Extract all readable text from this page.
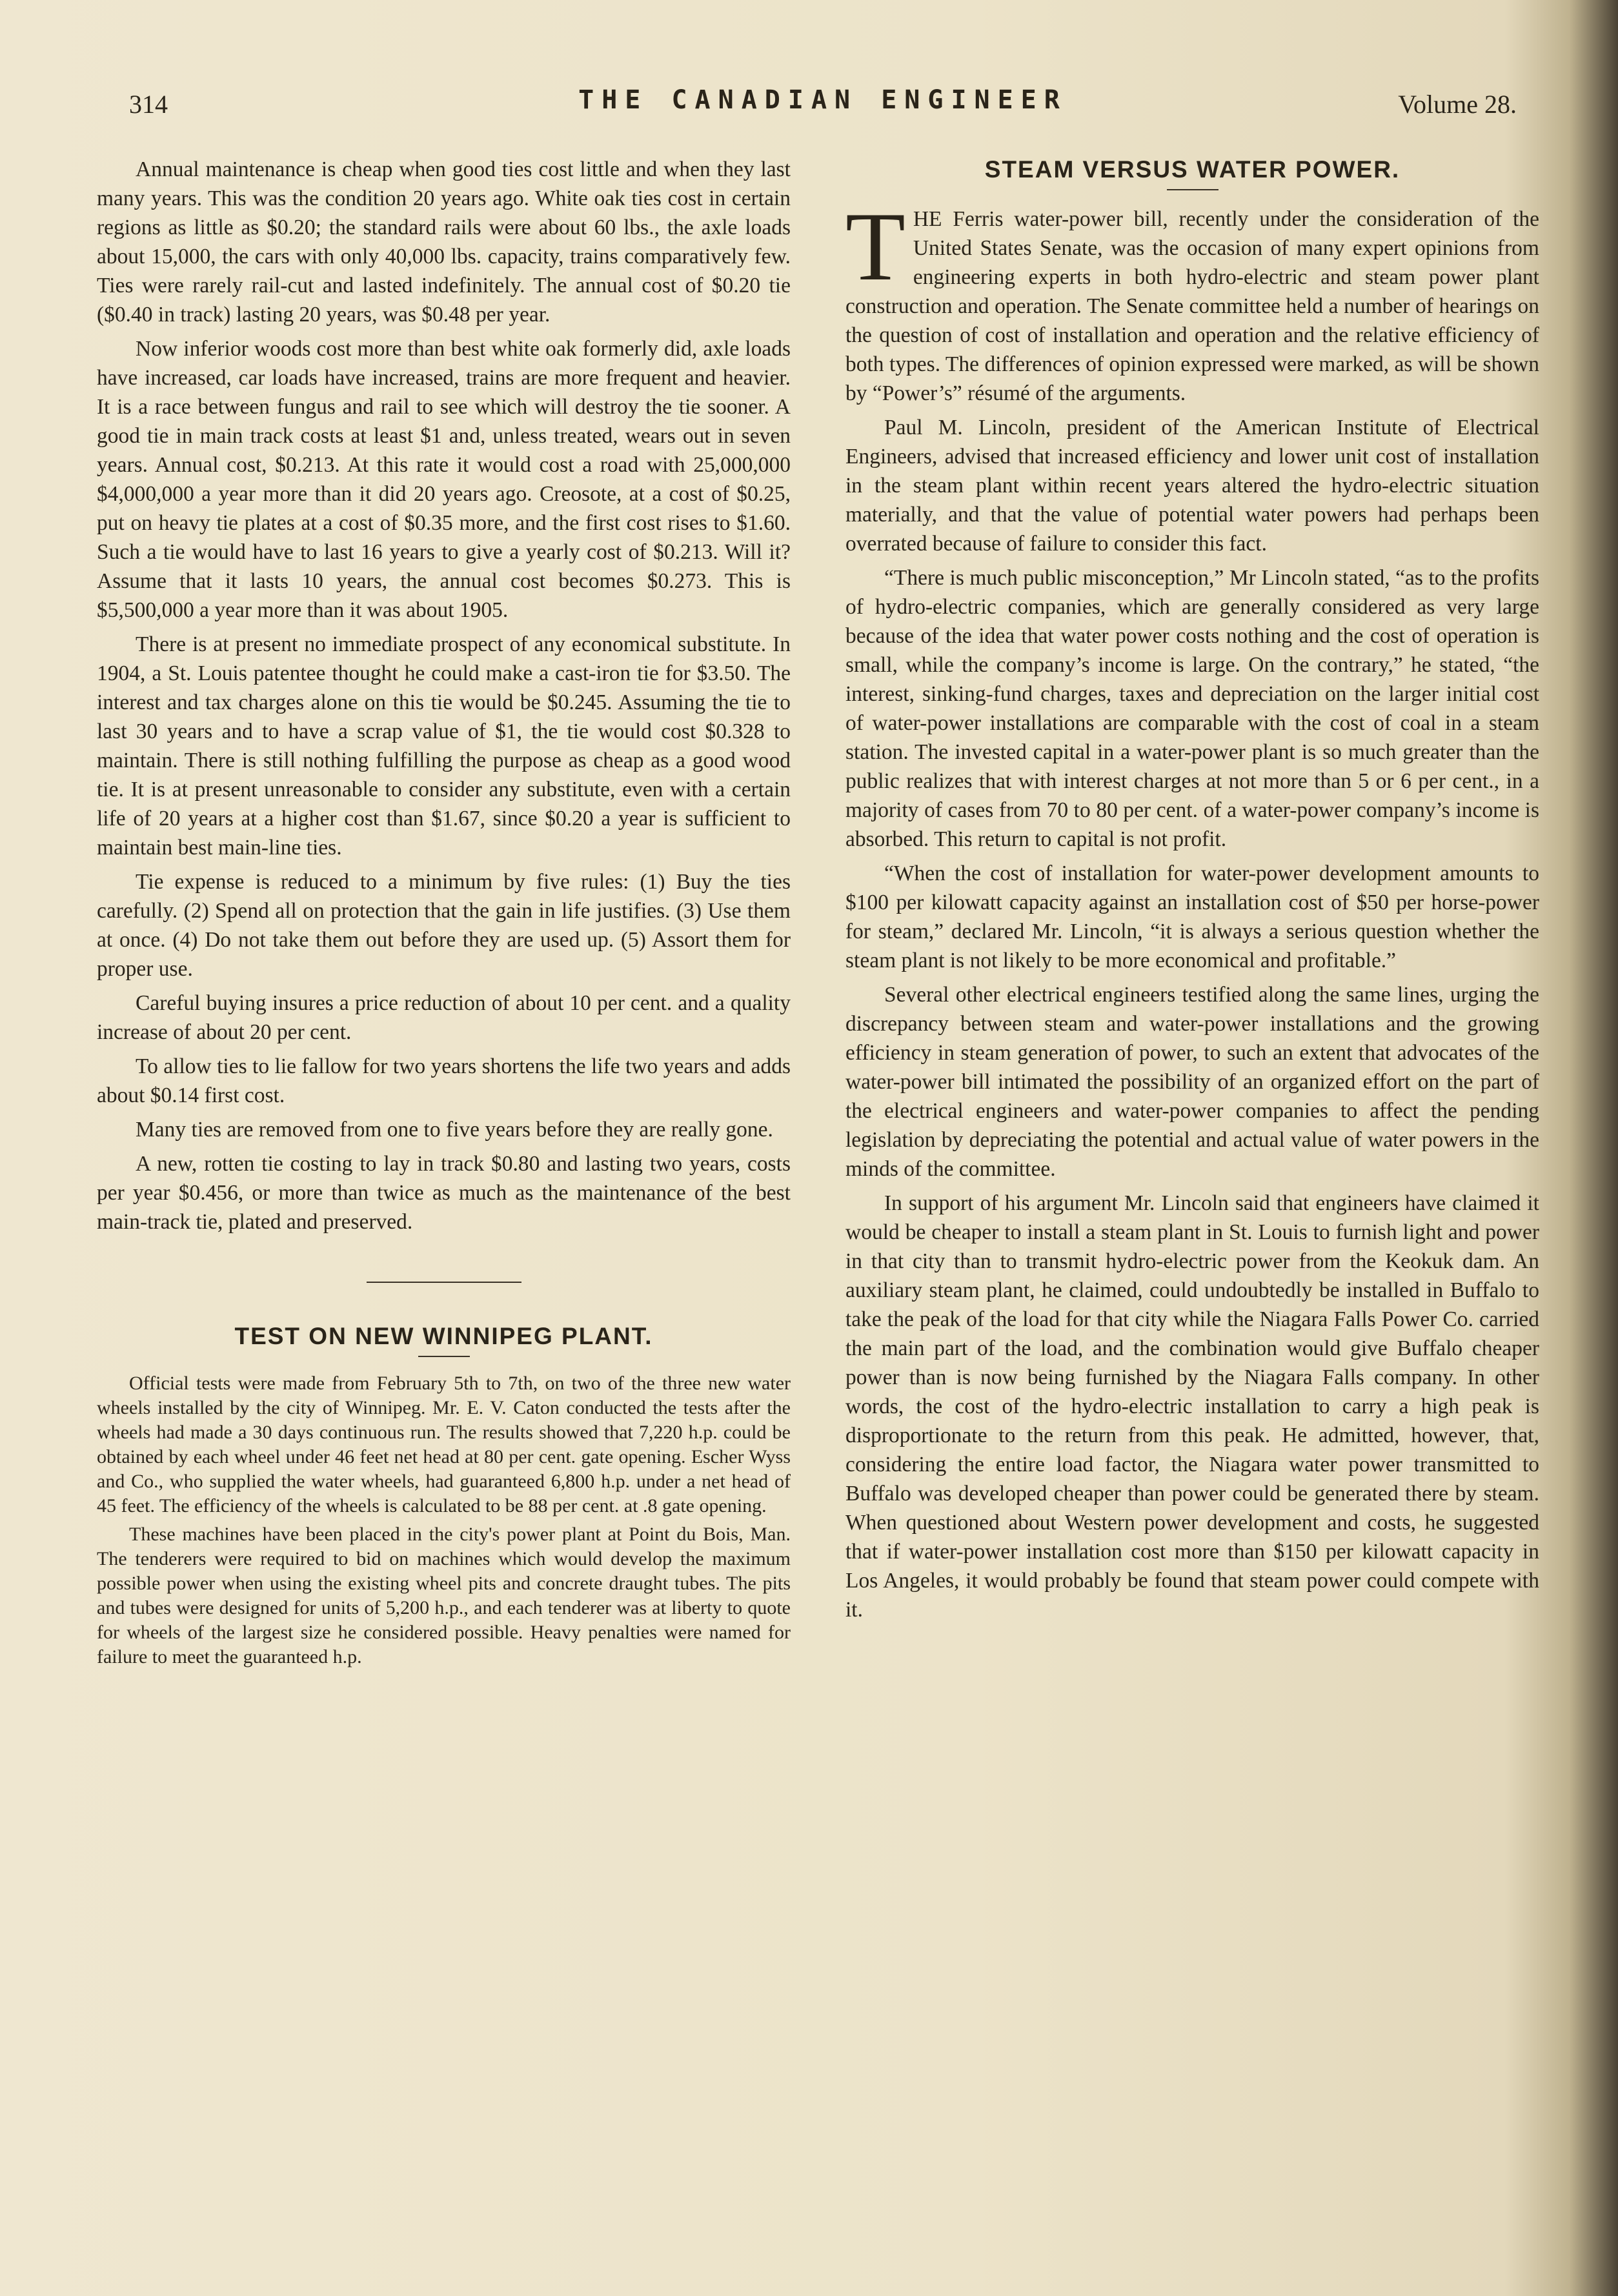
314	THE CANADIAN ENGINEER	Volume 28.

Annual maintenance is cheap when good ties cost little and when they last many years. This was the condition 20 years ago. White oak ties cost in certain regions as little as $0.20; the standard rails were about 60 lbs., the axle loads about 15,000, the cars with only 40,000 lbs. capacity, trains comparatively few. Ties were rarely rail-cut and lasted indefinitely. The annual cost of $0.20 tie ($0.40 in track) lasting 20 years, was $0.48 per year.

Now inferior woods cost more than best white oak formerly did, axle loads have increased, car loads have increased, trains are more frequent and heavier. It is a race between fungus and rail to see which will destroy the tie sooner. A good tie in main track costs at least $1 and, unless treated, wears out in seven years. Annual cost, $0.213. At this rate it would cost a road with 25,000,000 $4,000,000 a year more than it did 20 years ago. Creosote, at a cost of $0.25, put on heavy tie plates at a cost of $0.35 more, and the first cost rises to $1.60. Such a tie would have to last 16 years to give a yearly cost of $0.213. Will it? Assume that it lasts 10 years, the annual cost becomes $0.273. This is $5,500,000 a year more than it was about 1905.

There is at present no immediate prospect of any economical substitute. In 1904, a St. Louis patentee thought he could make a cast-iron tie for $3.50. The interest and tax charges alone on this tie would be $0.245. Assuming the tie to last 30 years and to have a scrap value of $1, the tie would cost $0.328 to maintain. There is still nothing fulfilling the purpose as cheap as a good wood tie. It is at present unreasonable to consider any substitute, even with a certain life of 20 years at a higher cost than $1.67, since $0.20 a year is sufficient to maintain best main-line ties.

Tie expense is reduced to a minimum by five rules: (1) Buy the ties carefully. (2) Spend all on protection that the gain in life justifies. (3) Use them at once. (4) Do not take them out before they are used up. (5) Assort them for proper use.

Careful buying insures a price reduction of about 10 per cent. and a quality increase of about 20 per cent.

To allow ties to lie fallow for two years shortens the life two years and adds about $0.14 first cost.

Many ties are removed from one to five years before they are really gone.

A new, rotten tie costing to lay in track $0.80 and lasting two years, costs per year $0.456, or more than twice as much as the maintenance of the best main-track tie, plated and preserved.

TEST ON NEW WINNIPEG PLANT.

Official tests were made from February 5th to 7th, on two of the three new water wheels installed by the city of Winnipeg. Mr. E. V. Caton conducted the tests after the wheels had made a 30 days continuous run. The results showed that 7,220 h.p. could be obtained by each wheel under 46 feet net head at 80 per cent. gate opening. Escher Wyss and Co., who supplied the water wheels, had guaranteed 6,800 h.p. under a net head of 45 feet. The efficiency of the wheels is calculated to be 88 per cent. at .8 gate opening.

These machines have been placed in the city's power plant at Point du Bois, Man. The tenderers were required to bid on machines which would develop the maximum possible power when using the existing wheel pits and concrete draught tubes. The pits and tubes were designed for units of 5,200 h.p., and each tenderer was at liberty to quote for wheels of the largest size he considered possible. Heavy penalties were named for failure to meet the guaranteed h.p.

STEAM VERSUS WATER POWER.
T HE Ferris water-power bill, recently under the consideration of the United States Senate, was the occasion of many expert opinions from engineering experts in both hydro-electric and steam power plant construction and operation. The Senate committee held a number of hearings on the question of cost of installation and operation and the relative efficiency of both types. The differences of opinion expressed were marked, as will be shown by “Power’s” résumé of the arguments.

Paul M. Lincoln, president of the American Institute of Electrical Engineers, advised that increased efficiency and lower unit cost of installation in the steam plant within recent years altered the hydro-electric situation materially, and that the value of potential water powers had perhaps been overrated because of failure to consider this fact.

“There is much public misconception,” Mr Lincoln stated, “as to the profits of hydro-electric companies, which are generally considered as very large because of the idea that water power costs nothing and the cost of operation is small, while the company’s income is large. On the contrary,” he stated, “the interest, sinking-fund charges, taxes and depreciation on the larger initial cost of water-power installations are comparable with the cost of coal in a steam station. The invested capital in a water-power plant is so much greater than the public realizes that with interest charges at not more than 5 or 6 per cent., in a majority of cases from 70 to 80 per cent. of a water-power company’s income is absorbed. This return to capital is not profit.

“When the cost of installation for water-power development amounts to $100 per kilowatt capacity against an installation cost of $50 per horse-power for steam,” declared Mr. Lincoln, “it is always a serious question whether the steam plant is not likely to be more economical and profitable.”

Several other electrical engineers testified along the same lines, urging the discrepancy between steam and water-power installations and the growing efficiency in steam generation of power, to such an extent that advocates of the water-power bill intimated the possibility of an organized effort on the part of the electrical engineers and water-power companies to affect the pending legislation by depreciating the potential and actual value of water powers in the minds of the committee.

In support of his argument Mr. Lincoln said that engineers have claimed it would be cheaper to install a steam plant in St. Louis to furnish light and power in that city than to transmit hydro-electric power from the Keokuk dam. An auxiliary steam plant, he claimed, could undoubtedly be installed in Buffalo to take the peak of the load for that city while the Niagara Falls Power Co. carried the main part of the load, and the combination would give Buffalo cheaper power than is now being furnished by the Niagara Falls company. In other words, the cost of the hydro-electric installation to carry a high peak is disproportionate to the return from this peak. He admitted, however, that, considering the entire load factor, the Niagara water power transmitted to Buffalo was developed cheaper than power could be generated there by steam. When questioned about Western power development and costs, he suggested that if water-power installation cost more than $150 per kilowatt capacity in Los Angeles, it would probably be found that steam power could compete with it.
